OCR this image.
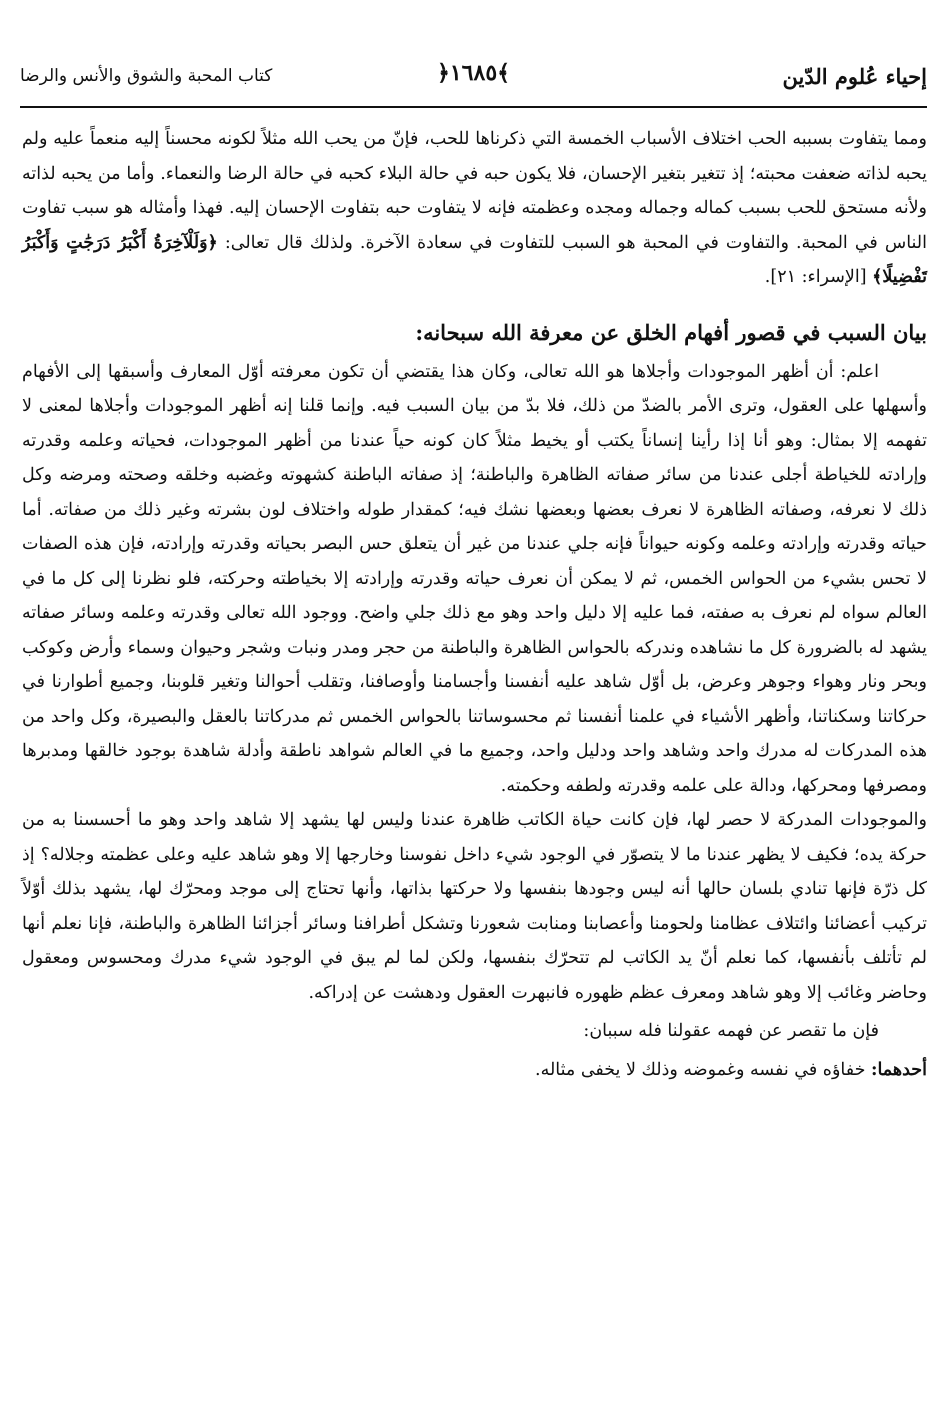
إحياء عُلوم الدّين
﴿١٦٨٥﴾
كتاب المحبة والشوق والأنس والرضا

ومما يتفاوت بسببه الحب اختلاف الأسباب الخمسة التي ذكرناها للحب، فإنّ من يحب الله مثلاً لكونه محسناً إليه منعماً عليه ولم يحبه لذاته ضعفت محبته؛ إذ تتغير بتغير الإحسان، فلا يكون حبه في حالة البلاء كحبه في حالة الرضا والنعماء. وأما من يحبه لذاته ولأنه مستحق للحب بسبب كماله وجماله ومجده وعظمته فإنه لا يتفاوت حبه بتفاوت الإحسان إليه. فهذا وأمثاله هو سبب تفاوت الناس في المحبة. والتفاوت في المحبة هو السبب للتفاوت في سعادة الآخرة. ولذلك قال تعالى: ﴿وَلَلْآخِرَةُ أَكْبَرُ دَرَجَٰتٍ وَأَكْبَرُ تَفْضِيلًا﴾ [الإسراء: ٢١].

بيان السبب في قصور أفهام الخلق عن معرفة الله سبحانه:

اعلم: أن أظهر الموجودات وأجلاها هو الله تعالى، وكان هذا يقتضي أن تكون معرفته أوّل المعارف وأسبقها إلى الأفهام وأسهلها على العقول، وترى الأمر بالضدّ من ذلك، فلا بدّ من بيان السبب فيه. وإنما قلنا إنه أظهر الموجودات وأجلاها لمعنى لا تفهمه إلا بمثال: وهو أنا إذا رأينا إنساناً يكتب أو يخيط مثلاً كان كونه حياً عندنا من أظهر الموجودات، فحياته وعلمه وقدرته وإرادته للخياطة أجلى عندنا من سائر صفاته الظاهرة والباطنة؛ إذ صفاته الباطنة كشهوته وغضبه وخلقه وصحته ومرضه وكل ذلك لا نعرفه، وصفاته الظاهرة لا نعرف بعضها وبعضها نشك فيه؛ كمقدار طوله واختلاف لون بشرته وغير ذلك من صفاته. أما حياته وقدرته وإرادته وعلمه وكونه حيواناً فإنه جلي عندنا من غير أن يتعلق حس البصر بحياته وقدرته وإرادته، فإن هذه الصفات لا تحس بشيء من الحواس الخمس، ثم لا يمكن أن نعرف حياته وقدرته وإرادته إلا بخياطته وحركته، فلو نظرنا إلى كل ما في العالم سواه لم نعرف به صفته، فما عليه إلا دليل واحد وهو مع ذلك جلي واضح. ووجود الله تعالى وقدرته وعلمه وسائر صفاته يشهد له بالضرورة كل ما نشاهده وندركه بالحواس الظاهرة والباطنة من حجر ومدر ونبات وشجر وحيوان وسماء وأرض وكوكب وبحر ونار وهواء وجوهر وعرض، بل أوّل شاهد عليه أنفسنا وأجسامنا وأوصافنا، وتقلب أحوالنا وتغير قلوبنا، وجميع أطوارنا في حركاتنا وسكناتنا، وأظهر الأشياء في علمنا أنفسنا ثم محسوساتنا بالحواس الخمس ثم مدركاتنا بالعقل والبصيرة، وكل واحد من هذه المدركات له مدرك واحد وشاهد واحد ودليل واحد، وجميع ما في العالم شواهد ناطقة وأدلة شاهدة بوجود خالقها ومدبرها ومصرفها ومحركها، ودالة على علمه وقدرته ولطفه وحكمته.

والموجودات المدركة لا حصر لها، فإن كانت حياة الكاتب ظاهرة عندنا وليس لها يشهد إلا شاهد واحد وهو ما أحسسنا به من حركة يده؛ فكيف لا يظهر عندنا ما لا يتصوّر في الوجود شيء داخل نفوسنا وخارجها إلا وهو شاهد عليه وعلى عظمته وجلاله؟ إذ كل ذرّة فإنها تنادي بلسان حالها أنه ليس وجودها بنفسها ولا حركتها بذاتها، وأنها تحتاج إلى موجد ومحرّك لها، يشهد بذلك أوّلاً تركيب أعضائنا وائتلاف عظامنا ولحومنا وأعصابنا ومنابت شعورنا وتشكل أطرافنا وسائر أجزائنا الظاهرة والباطنة، فإنا نعلم أنها لم تأتلف بأنفسها، كما نعلم أنّ يد الكاتب لم تتحرّك بنفسها، ولكن لما لم يبق في الوجود شيء مدرك ومحسوس ومعقول وحاضر وغائب إلا وهو شاهد ومعرف عظم ظهوره فانبهرت العقول ودهشت عن إدراكه.

فإن ما تقصر عن فهمه عقولنا فله سببان:

أحدهما: خفاؤه في نفسه وغموضه وذلك لا يخفى مثاله.
